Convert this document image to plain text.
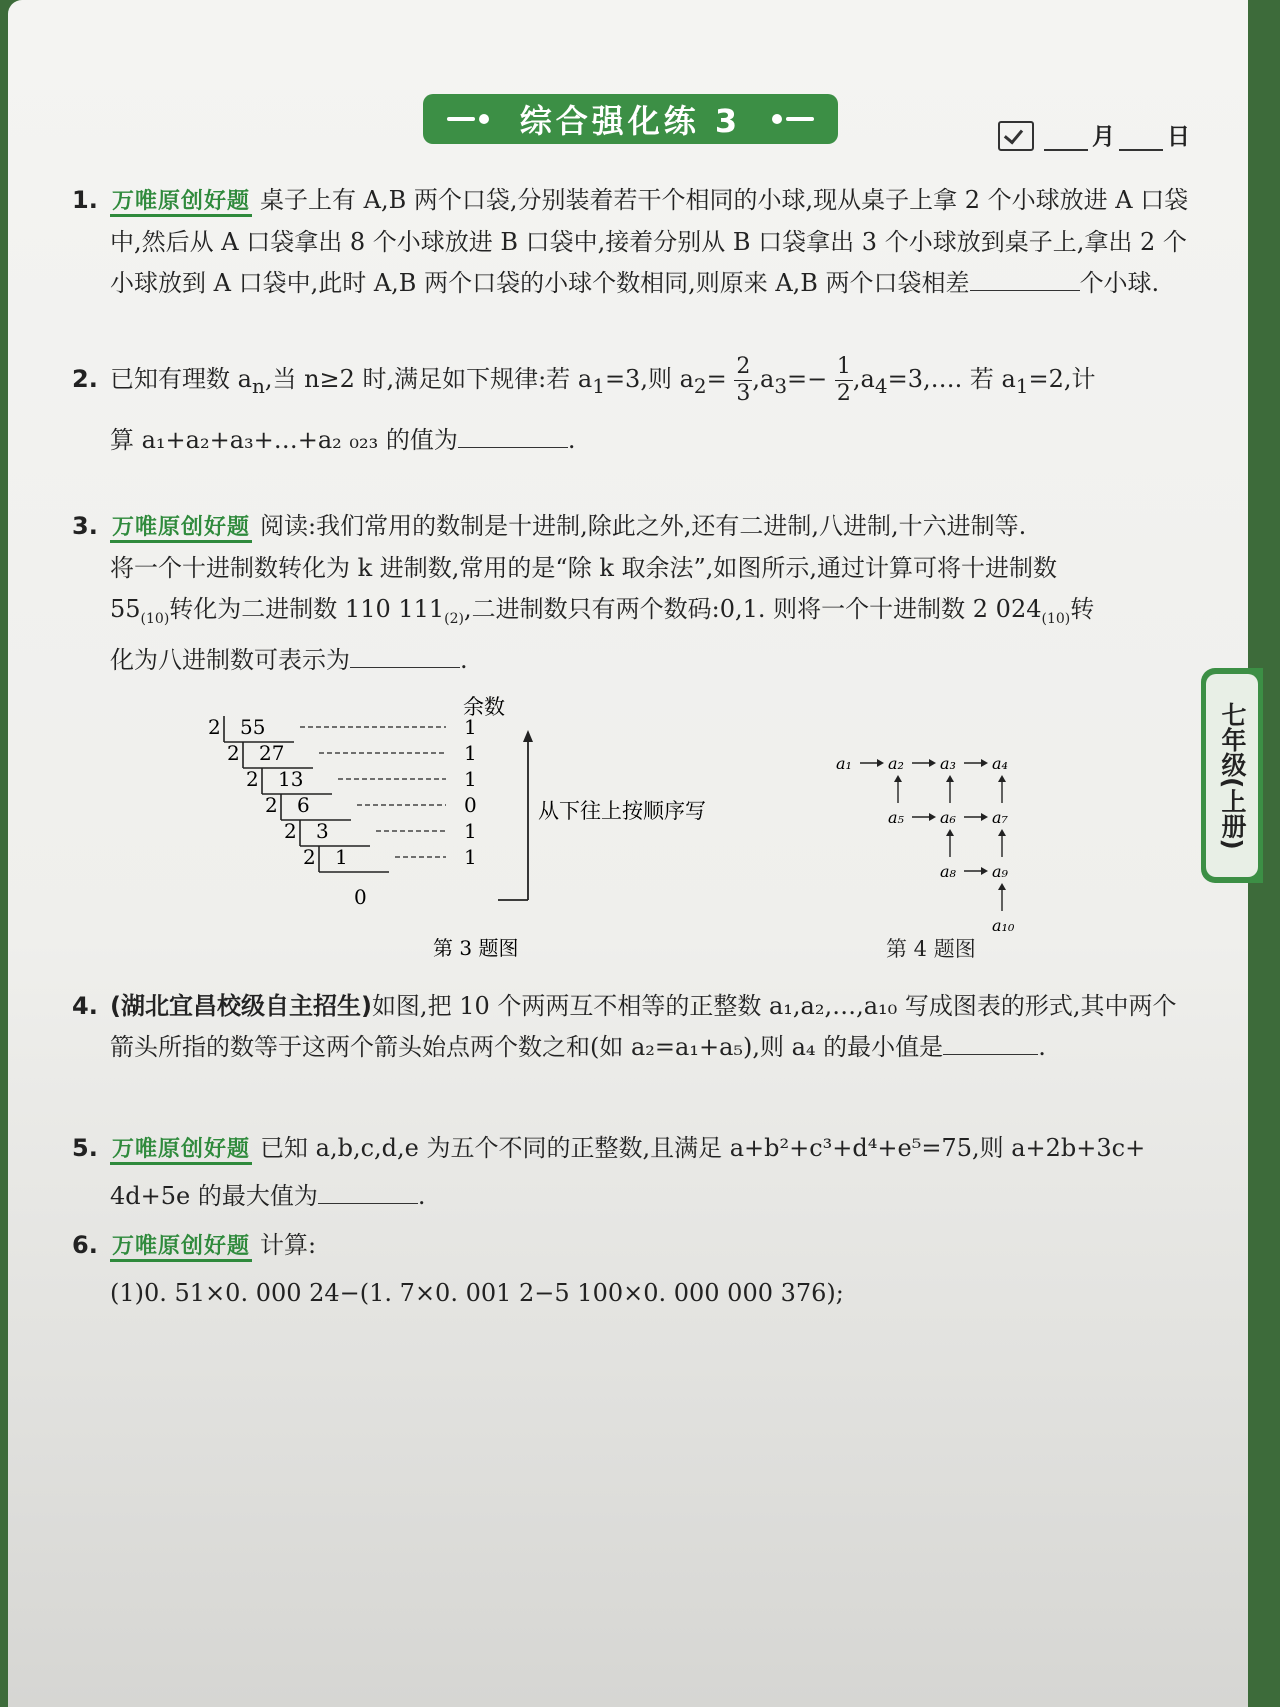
综合强化练 3	月 日
七年级(上册)
1. 万唯原创好题 桌子上有 A,B 两个口袋,分别装着若干个相同的小球,现从桌子上拿 2 个小球放进 A 口袋中,然后从 A 口袋拿出 8 个小球放进 B 口袋中,接着分别从 B 口袋拿出 3 个小球放到桌子上,拿出 2 个小球放到 A 口袋中,此时 A,B 两个口袋的小球个数相同,则原来 A,B 两个口袋相差	个小球.
2. 已知有理数 $a_n$,当 n≥2 时,满足如下规律:若 $a_1=3$,则 $a_2= \frac{2}{3} ,a_3=- \frac{1}{2}$ $,a_4=3,\dots$. 若 $a_1=2$,计
算 a₁+a₂+a₃+…+a₂ ₀₂₃ 的值为	.
3. 万唯原创好题 阅读:我们常用的数制是十进制,除此之外,还有二进制,八进制,十六进制等.
将一个十进制数转化为 k 进制数,常用的是“除 k 取余法”,如图所示,通过计算可将十进制数
$55_{(10)}$转化为二进制数 110 $111_{(2)}$,二进制数只有两个数码:0,1. 则将一个十进制数 2 $024_{(10)}$转
化为八进制数可表示为	.
余数
2	1
55
2	1
27
2	1
13
2	0
6
2	1
3
2	1
1
0
从下往上按顺序写
第 3 题图
a₁ a₂ a₃ a₄
a₅ a₆ a₇
a₈ a₉
a₁₀
第 4 题图
4. (湖北宜昌校级自主招生)如图,把 10 个两两互不相等的正整数 a₁,a₂,…,a₁₀ 写成图表的形式,其中两个箭头所指的数等于这两个箭头始点两个数之和(如 a₂=a₁+a₅),则 a₄ 的最小值是	.
5. 万唯原创好题 已知 a,b,c,d,e 为五个不同的正整数,且满足 a+b²+c³+d⁴+e⁵=75,则 a+2b+3c+
4d+5e 的最大值为	.
6. 万唯原创好题 计算:
(1)0. 51×0. 000 24−(1. 7×0. 001 2−5 100×0. 000 000 376);
